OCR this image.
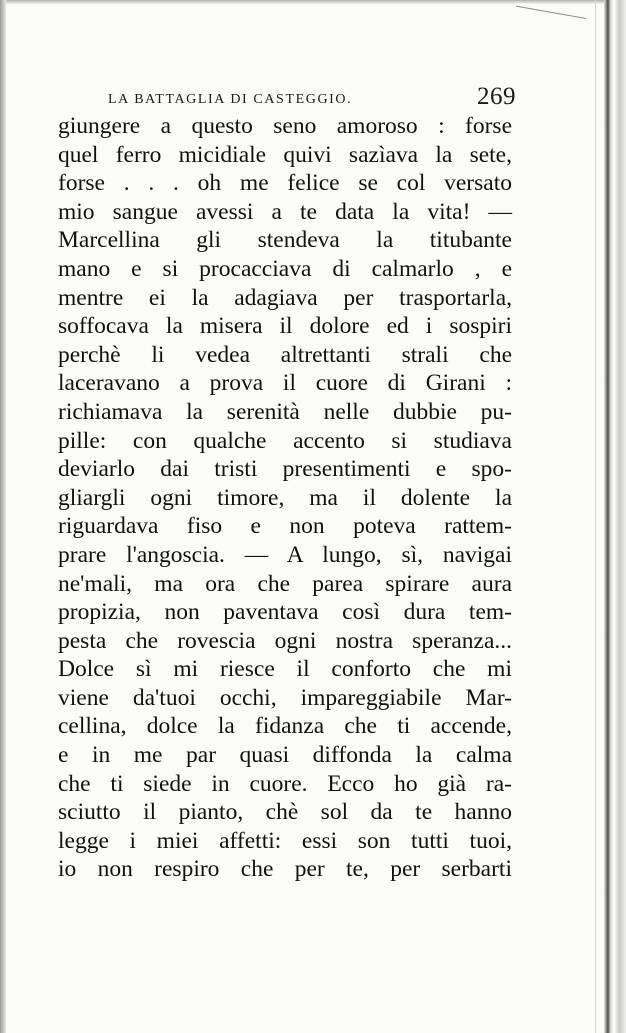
LA BATTAGLIA DI CASTEGGIO.	269
giungere a questo seno amoroso : forse
quel ferro micidiale quivi sazìava la sete,
forse . . . oh me felice se col versato
mio sangue avessi a te data la vita! —
Marcellina gli stendeva la titubante
mano e si procacciava di calmarlo , e
mentre ei la adagiava per trasportarla,
soffocava la misera il dolore ed i sospiri
perchè li vedea altrettanti strali che
laceravano a prova il cuore di Girani :
richiamava la serenità nelle dubbie pu-
pille: con qualche accento si studiava
deviarlo dai tristi presentimenti e spo-
gliargli ogni timore, ma il dolente la
riguardava fiso e non poteva rattem-
prare l'angoscia. — A lungo, sì, navigai
ne'mali, ma ora che parea spirare aura
propizia, non paventava così dura tem-
pesta che rovescia ogni nostra speranza...
Dolce sì mi riesce il conforto che mi
viene da'tuoi occhi, impareggiabile Mar-
cellina, dolce la fidanza che ti accende,
e in me par quasi diffonda la calma
che ti siede in cuore. Ecco ho già ra-
sciutto il pianto, chè sol da te hanno
legge i miei affetti: essi son tutti tuoi,
io non respiro che per te, per serbarti
